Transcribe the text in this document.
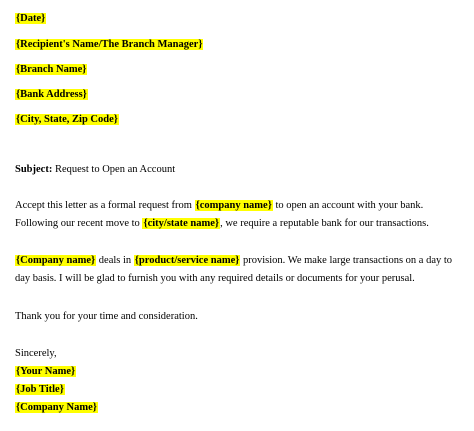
{Date}
{Recipient's Name/The Branch Manager}
{Branch Name}
{Bank Address}
{City, State, Zip Code}
Subject: Request to Open an Account
Accept this letter as a formal request from {company name} to open an account with your bank.
Following our recent move to {city/state name}, we require a reputable bank for our transactions.
{Company name} deals in {product/service name} provision. We make large transactions on a day to
day basis. I will be glad to furnish you with any required details or documents for your perusal.
Thank you for your time and consideration.
Sincerely,
{Your Name}
{Job Title}
{Company Name}
